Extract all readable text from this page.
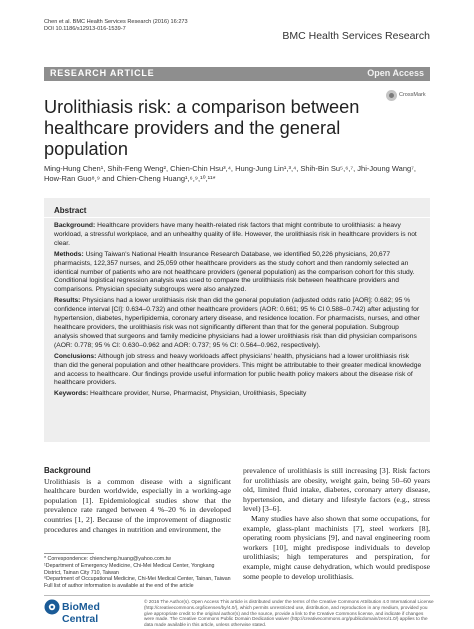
Chen et al. BMC Health Services Research (2016) 16:273
DOI 10.1186/s12913-016-1539-7
BMC Health Services Research
RESEARCH ARTICLE	Open Access
Urolithiasis risk: a comparison between healthcare providers and the general population
CrossMark
Ming-Hung Chen¹, Shih-Feng Weng², Chien-Chin Hsu³,⁴, Hung-Jung Lin¹,³,⁴, Shih-Bin Su⁵,⁶,⁷, Jhi-Joung Wang⁷, How-Ran Guo⁸,⁹ and Chien-Cheng Huang¹,⁶,⁹,¹⁰,¹¹*
Abstract

Background: Healthcare providers have many health-related risk factors that might contribute to urolithiasis: a heavy workload, a stressful workplace, and an unhealthy quality of life. However, the urolithiasis risk in healthcare providers is not clear.

Methods: Using Taiwan's National Health Insurance Research Database, we identified 50,226 physicians, 20,677 pharmacists, 122,357 nurses, and 25,059 other healthcare providers as the study cohort and then randomly selected an identical number of patients who are not healthcare providers (general population) as the comparison cohort for this study. Conditional logistical regression analysis was used to compare the urolithiasis risk between healthcare providers and comparisons. Physician specialty subgroups were also analyzed.

Results: Physicians had a lower urolithiasis risk than did the general population (adjusted odds ratio [AOR]: 0.682; 95 % confidence interval [CI]: 0.634–0.732) and other healthcare providers (AOR: 0.661; 95 % CI 0.588–0.742) after adjusting for hypertension, diabetes, hyperlipidemia, coronary artery disease, and residence location. For pharmacists, nurses, and other healthcare providers, the urolithiasis risk was not significantly different than that for the general population. Subgroup analysis showed that surgeons and family medicine physicians had a lower urolithiasis risk than did physician comparisons (AOR: 0.778; 95 % CI: 0.630–0.962 and AOR: 0.737; 95 % CI: 0.564–0.962, respectively).

Conclusions: Although job stress and heavy workloads affect physicians' health, physicians had a lower urolithiasis risk than did the general population and other healthcare providers. This might be attributable to their greater medical knowledge and access to healthcare. Our findings provide useful information for public health policy makers about the disease risk of healthcare providers.

Keywords: Healthcare provider, Nurse, Pharmacist, Physician, Urolithiasis, Specialty

Background

Urolithiasis is a common disease with a significant healthcare burden worldwide, especially in a working-age population [1]. Epidemiological studies show that the prevalence rate ranged between 4 %–20 % in developed countries [1, 2]. Because of the improvement of diagnostic procedures and changes in nutrition and environment, the

prevalence of urolithiasis is still increasing [3]. Risk factors for urolithiasis are obesity, weight gain, being 50–60 years old, limited fluid intake, diabetes, coronary artery disease, hypertension, and dietary and lifestyle factors (e.g., stress level) [3–6].

Many studies have also shown that some occupations, for example, glass-plant machinists [7], steel workers [8], operating room physicians [9], and naval engineering room workers [10], might predispose individuals to develop urolithiasis; high temperatures and perspiration, for example, might cause dehydration, which would predispose some people to develop urolithiasis.

* Correspondence: chiencheng.huang@yahoo.com.tw
¹Department of Emergency Medicine, Chi-Mei Medical Center, Yongkang District, Tainan City 710, Taiwan
⁶Department of Occupational Medicine, Chi-Mei Medical Center, Tainan, Taiwan
Full list of author information is available at the end of the article
BioMed Central
© 2016 The Author(s). Open Access This article is distributed under the terms of the Creative Commons Attribution 4.0 International License (http://creativecommons.org/licenses/by/4.0/), which permits unrestricted use, distribution, and reproduction in any medium, provided you give appropriate credit to the original author(s) and the source, provide a link to the Creative Commons license, and indicate if changes were made. The Creative Commons Public Domain Dedication waiver (http://creativecommons.org/publicdomain/zero/1.0/) applies to the data made available in this article, unless otherwise stated.
